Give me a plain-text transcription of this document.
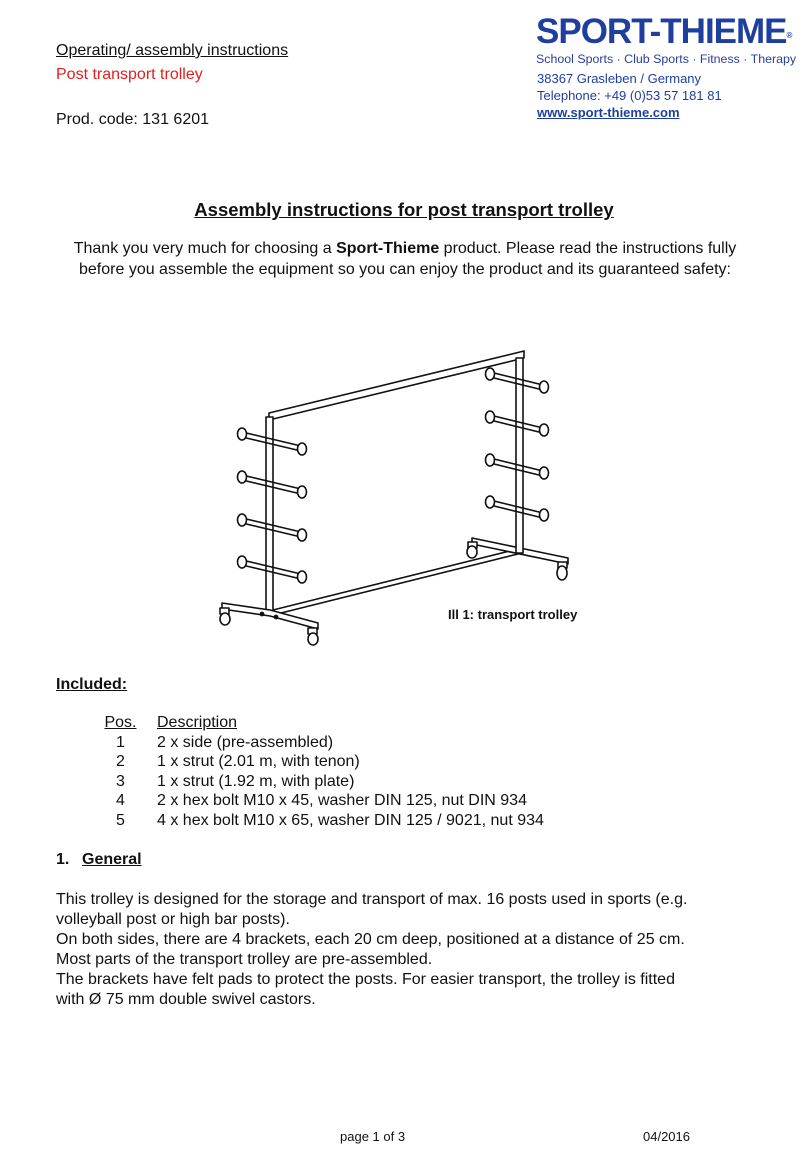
Operating/ assembly instructions
Post transport trolley
Prod. code: 131 6201
SPORT-THIEME®
School Sports · Club Sports · Fitness · Therapy
38367 Grasleben / Germany
Telephone: +49 (0)53 57 181 81
www.sport-thieme.com
Assembly instructions for post transport trolley
Thank you very much for choosing a Sport-Thieme product. Please read the instructions fully before you assemble the equipment so you can enjoy the product and its guaranteed safety:
Ill 1: transport trolley
Included:
Pos.	Description
1	2 x side (pre-assembled)
2	1 x strut (2.01 m, with tenon)
3	1 x strut (1.92 m, with plate)
4	2 x hex bolt M10 x 45, washer DIN 125, nut DIN 934
5	4 x hex bolt M10 x 65, washer DIN 125 / 9021, nut 934
1. General

This trolley is designed for the storage and transport of max. 16 posts used in sports (e.g. volleyball post or high bar posts).

On both sides, there are 4 brackets, each 20 cm deep, positioned at a distance of 25 cm.

Most parts of the transport trolley are pre-assembled.

The brackets have felt pads to protect the posts. For easier transport, the trolley is fitted with Ø 75 mm double swivel castors.

page 1 of 3	04/2016
